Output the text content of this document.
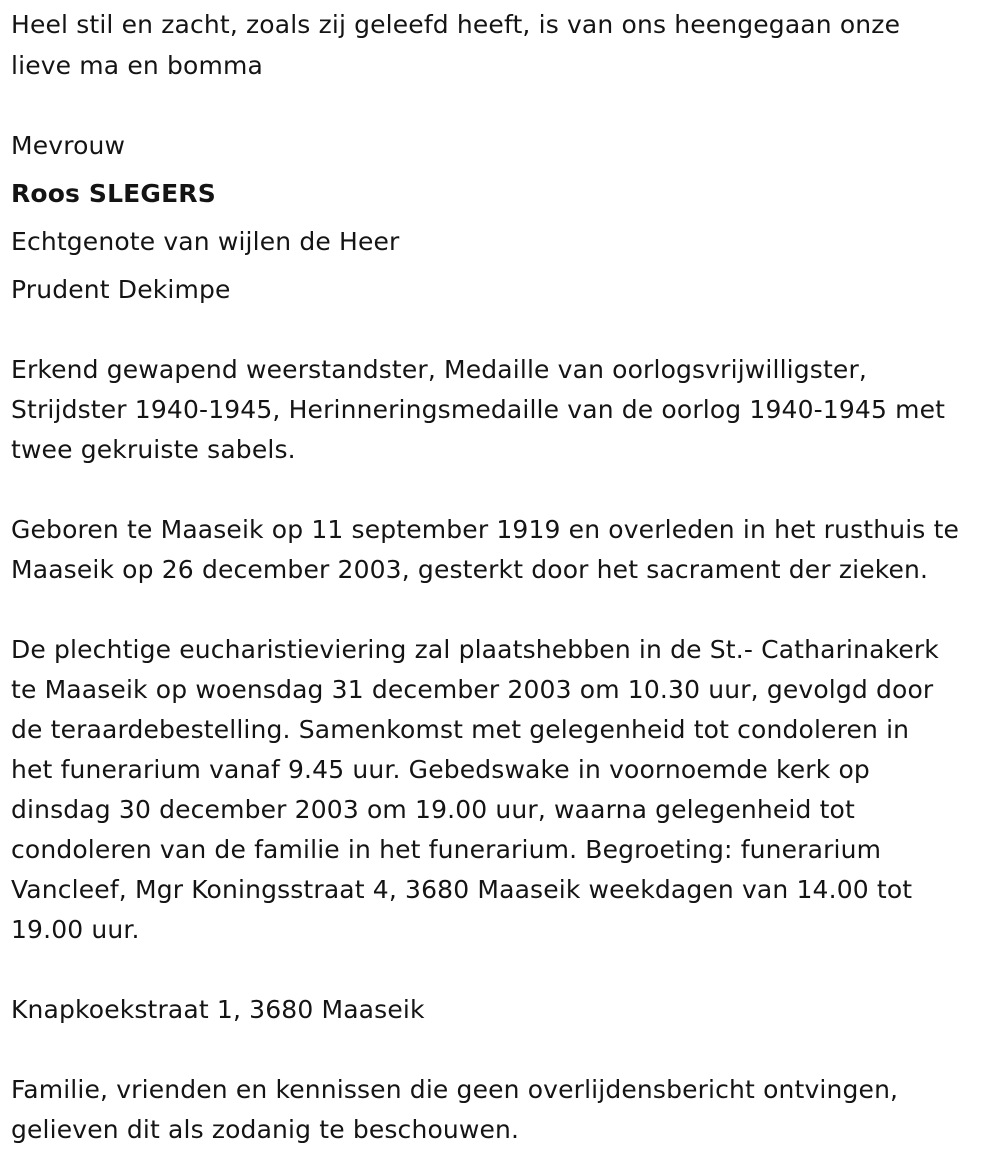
Heel stil en zacht, zoals zij geleefd heeft, is van ons heengegaan onze
lieve ma en bomma
Mevrouw
Roos SLEGERS
Echtgenote van wijlen de Heer
Prudent Dekimpe
Erkend gewapend weerstandster, Medaille van oorlogsvrijwilligster,
Strijdster 1940-1945, Herinneringsmedaille van de oorlog 1940-1945 met
twee gekruiste sabels.
Geboren te Maaseik op 11 september 1919 en overleden in het rusthuis te
Maaseik op 26 december 2003, gesterkt door het sacrament der zieken.
De plechtige eucharistieviering zal plaatshebben in de St.- Catharinakerk
te Maaseik op woensdag 31 december 2003 om 10.30 uur, gevolgd door
de teraardebestelling. Samenkomst met gelegenheid tot condoleren in
het funerarium vanaf 9.45 uur. Gebedswake in voornoemde kerk op
dinsdag 30 december 2003 om 19.00 uur, waarna gelegenheid tot
condoleren van de familie in het funerarium. Begroeting: funerarium
Vancleef, Mgr Koningsstraat 4, 3680 Maaseik weekdagen van 14.00 tot
19.00 uur.
Knapkoekstraat 1, 3680 Maaseik
Familie, vrienden en kennissen die geen overlijdensbericht ontvingen,
gelieven dit als zodanig te beschouwen.
